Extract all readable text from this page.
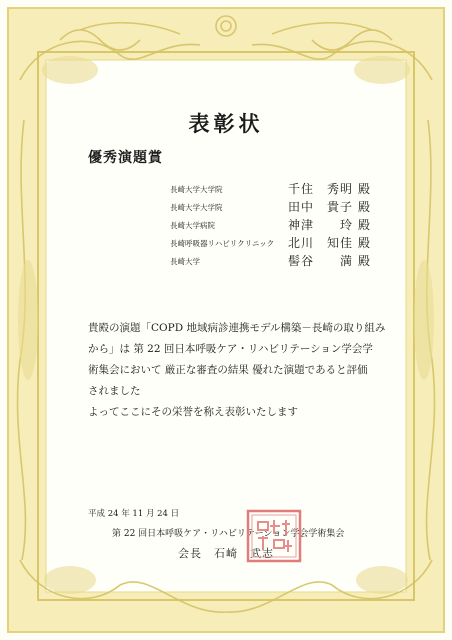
表彰状
優秀演題賞
長崎大学大学院	千住　秀明 殿
長崎大学大学院	田中　貴子 殿
長崎大学病院	神津　　玲 殿
長崎呼吸器リハビリクリニック 北川　知佳 殿
長崎大学	髻谷　　満 殿

貴殿の演題「COPD 地域病診連携モデル構築－長崎の取り組み

から」は 第 22 回日本呼吸ケア・リハビリテーション学会学

術集会において 厳正な審査の結果 優れた演題であると評価

されました

よってここにその栄誉を称え表彰いたします

平成 24 年 11 月 24 日
第 22 回日本呼吸ケア・リハビリテーション学会学術集会
会長　石崎　武志
